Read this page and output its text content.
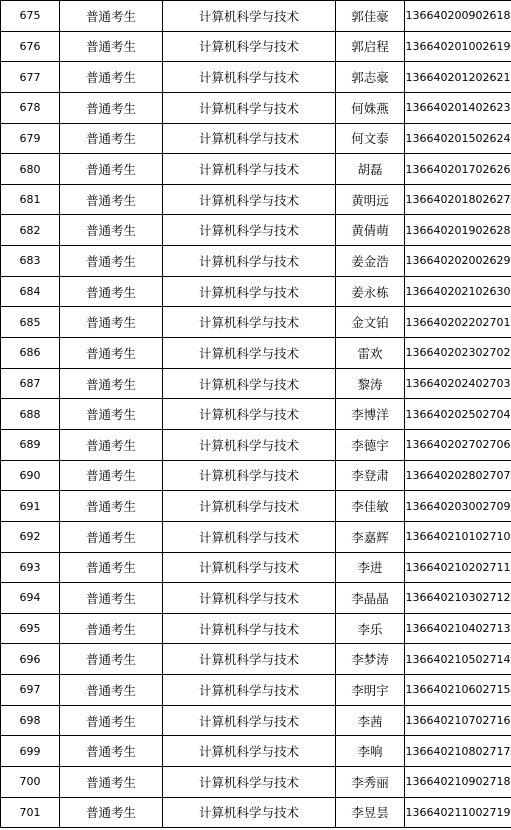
675	普通考生	计算机科学与技术	郭佳豪	136640200902618
676	普通考生	计算机科学与技术	郭启程	136640201002619
677	普通考生	计算机科学与技术	郭志豪	136640201202621
678	普通考生	计算机科学与技术	何姝燕	136640201402623
679	普通考生	计算机科学与技术	何文泰	136640201502624
680	普通考生	计算机科学与技术	胡磊	136640201702626
681	普通考生	计算机科学与技术	黄明远	136640201802627
682	普通考生	计算机科学与技术	黄倩萌	136640201902628
683	普通考生	计算机科学与技术	姜金浩	136640202002629
684	普通考生	计算机科学与技术	姜永栋	136640202102630
685	普通考生	计算机科学与技术	金文铂	136640202202701
686	普通考生	计算机科学与技术	雷欢	136640202302702
687	普通考生	计算机科学与技术	黎涛	136640202402703
688	普通考生	计算机科学与技术	李博洋	136640202502704
689	普通考生	计算机科学与技术	李德宇	136640202702706
690	普通考生	计算机科学与技术	李登肃	136640202802707
691	普通考生	计算机科学与技术	李佳敏	136640203002709
692	普通考生	计算机科学与技术	李嘉辉	136640210102710
693	普通考生	计算机科学与技术	李进	136640210202711
694	普通考生	计算机科学与技术	李晶晶	136640210302712
695	普通考生	计算机科学与技术	李乐	136640210402713
696	普通考生	计算机科学与技术	李梦涛	136640210502714
697	普通考生	计算机科学与技术	李明宇	136640210602715
698	普通考生	计算机科学与技术	李茜	136640210702716
699	普通考生	计算机科学与技术	李响	136640210802717
700	普通考生	计算机科学与技术	李秀丽	136640210902718
701	普通考生	计算机科学与技术	李昱昙	136640211002719
